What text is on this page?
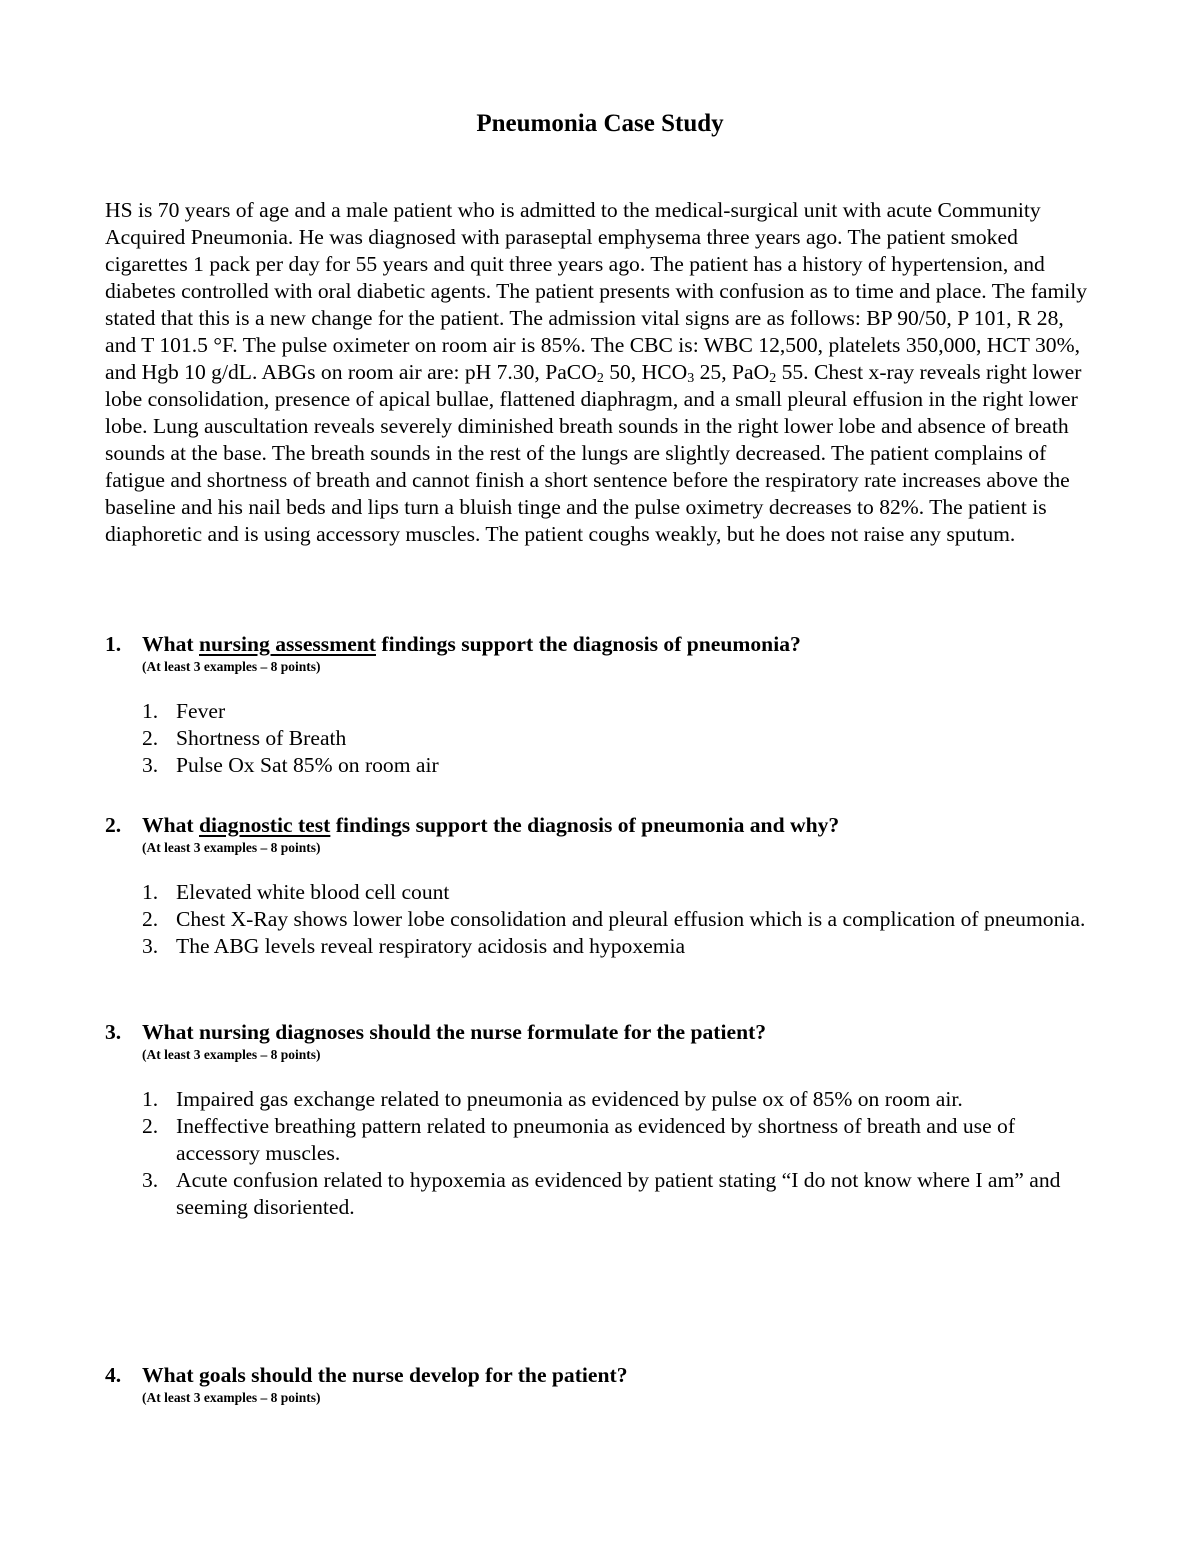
Pneumonia Case Study
HS is 70 years of age and a male patient who is admitted to the medical-surgical unit with acute Community Acquired Pneumonia. He was diagnosed with paraseptal emphysema three years ago. The patient smoked cigarettes 1 pack per day for 55 years and quit three years ago. The patient has a history of hypertension, and diabetes controlled with oral diabetic agents. The patient presents with confusion as to time and place. The family stated that this is a new change for the patient. The admission vital signs are as follows: BP 90/50, P 101, R 28, and T 101.5 °F. The pulse oximeter on room air is 85%. The CBC is: WBC 12,500, platelets 350,000, HCT 30%, and Hgb 10 g/dL. ABGs on room air are: pH 7.30, PaCO$_2$ 50, $HCO_3$ 25, PaO$_2$ 55. Chest x-ray reveals right lower lobe consolidation, presence of apical bullae, flattened diaphragm, and a small pleural effusion in the right lower lobe. Lung auscultation reveals severely diminished breath sounds in the right lower lobe and absence of breath sounds at the base. The breath sounds in the rest of the lungs are slightly decreased. The patient complains of fatigue and shortness of breath and cannot finish a short sentence before the respiratory rate increases above the baseline and his nail beds and lips turn a bluish tinge and the pulse oximetry decreases to 82%. The patient is diaphoretic and is using accessory muscles. The patient coughs weakly, but he does not raise any sputum.
1. What nursing assessment findings support the diagnosis of pneumonia?
(At least 3 examples – 8 points)
1. Fever
2. Shortness of Breath
3. Pulse Ox Sat 85% on room air
2. What diagnostic test findings support the diagnosis of pneumonia and why?
(At least 3 examples – 8 points)
1. Elevated white blood cell count
2. Chest X-Ray shows lower lobe consolidation and pleural effusion which is a complication of pneumonia.
3. The ABG levels reveal respiratory acidosis and hypoxemia
3. What nursing diagnoses should the nurse formulate for the patient?
(At least 3 examples – 8 points)
1. Impaired gas exchange related to pneumonia as evidenced by pulse ox of 85% on room air.
2. Ineffective breathing pattern related to pneumonia as evidenced by shortness of breath and use of accessory muscles.
3. Acute confusion related to hypoxemia as evidenced by patient stating “I do not know where I am” and seeming disoriented.
4. What goals should the nurse develop for the patient?
(At least 3 examples – 8 points)
